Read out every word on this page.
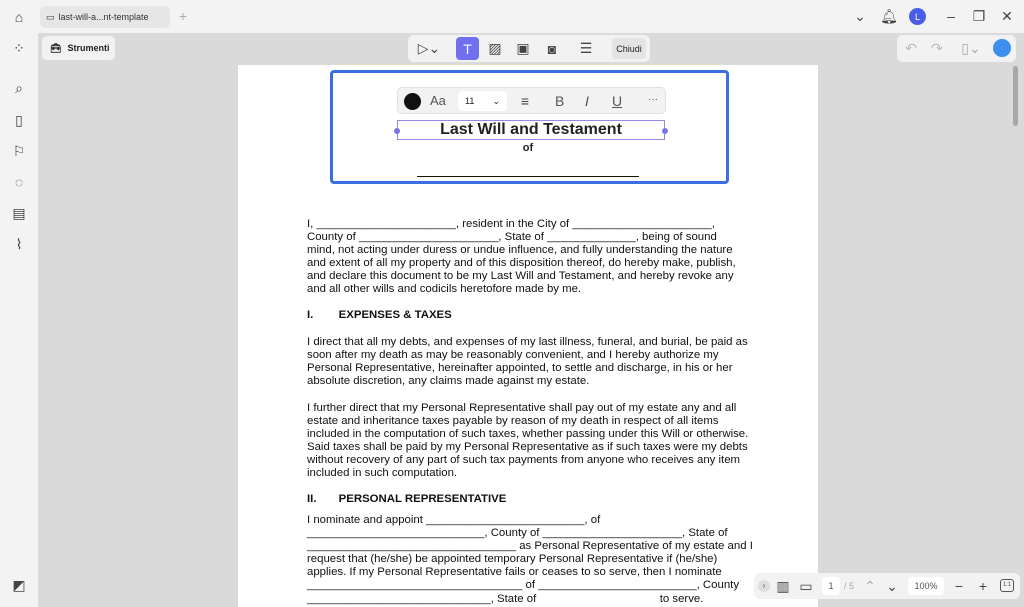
⌂	▭ last-will-a...nt-template +	⌄ 🔔︎	L	– ❐ ✕
⁘
⌕
▯
⚐
◌
▤
⌇
◩
🧰︎ Strumenti	▷⌄	T	▨ ▣	◙	☰	Chiudi	↶ ↷	▯⌄
Aa	11 ⌄	≡	B I U	···
Last Will and Testament
of
I, ______________________, resident in the City of ______________________,
County of ______________________, State of ______________, being of sound
mind, not acting under duress or undue influence, and fully understanding the nature
and extent of all my property and of this disposition thereof, do hereby make, publish,
and declare this document to be my Last Will and Testament, and hereby revoke any
and all other wills and codicils heretofore made by me.
I.        EXPENSES & TAXES
I direct that all my debts, and expenses of my last illness, funeral, and burial, be paid as
soon after my death as may be reasonably convenient, and I hereby authorize my
Personal Representative, hereinafter appointed, to settle and discharge, in his or her
absolute discretion, any claims made against my estate.
I further direct that my Personal Representative shall pay out of my estate any and all
estate and inheritance taxes payable by reason of my death in respect of all items
included in the computation of such taxes, whether passing under this Will or otherwise.
Said taxes shall be paid by my Personal Representative as if such taxes were my debts
without recovery of any part of such tax payments from anyone who receives any item
included in such computation.
II.       PERSONAL REPRESENTATIVE
I nominate and appoint _________________________, of
____________________________, County of ______________________, State of
_________________________________ as Personal Representative of my estate and I
request that (he/she) be appointed temporary Personal Representative if (he/she)
applies. If my Personal Representative fails or ceases to so serve, then I nominate
__________________________________ of _________________________, County
_____________________________, State of                                       to serve.
› ▥ ▭	1	/ 5 ⌃ ⌄	100%	−	+	1:1
